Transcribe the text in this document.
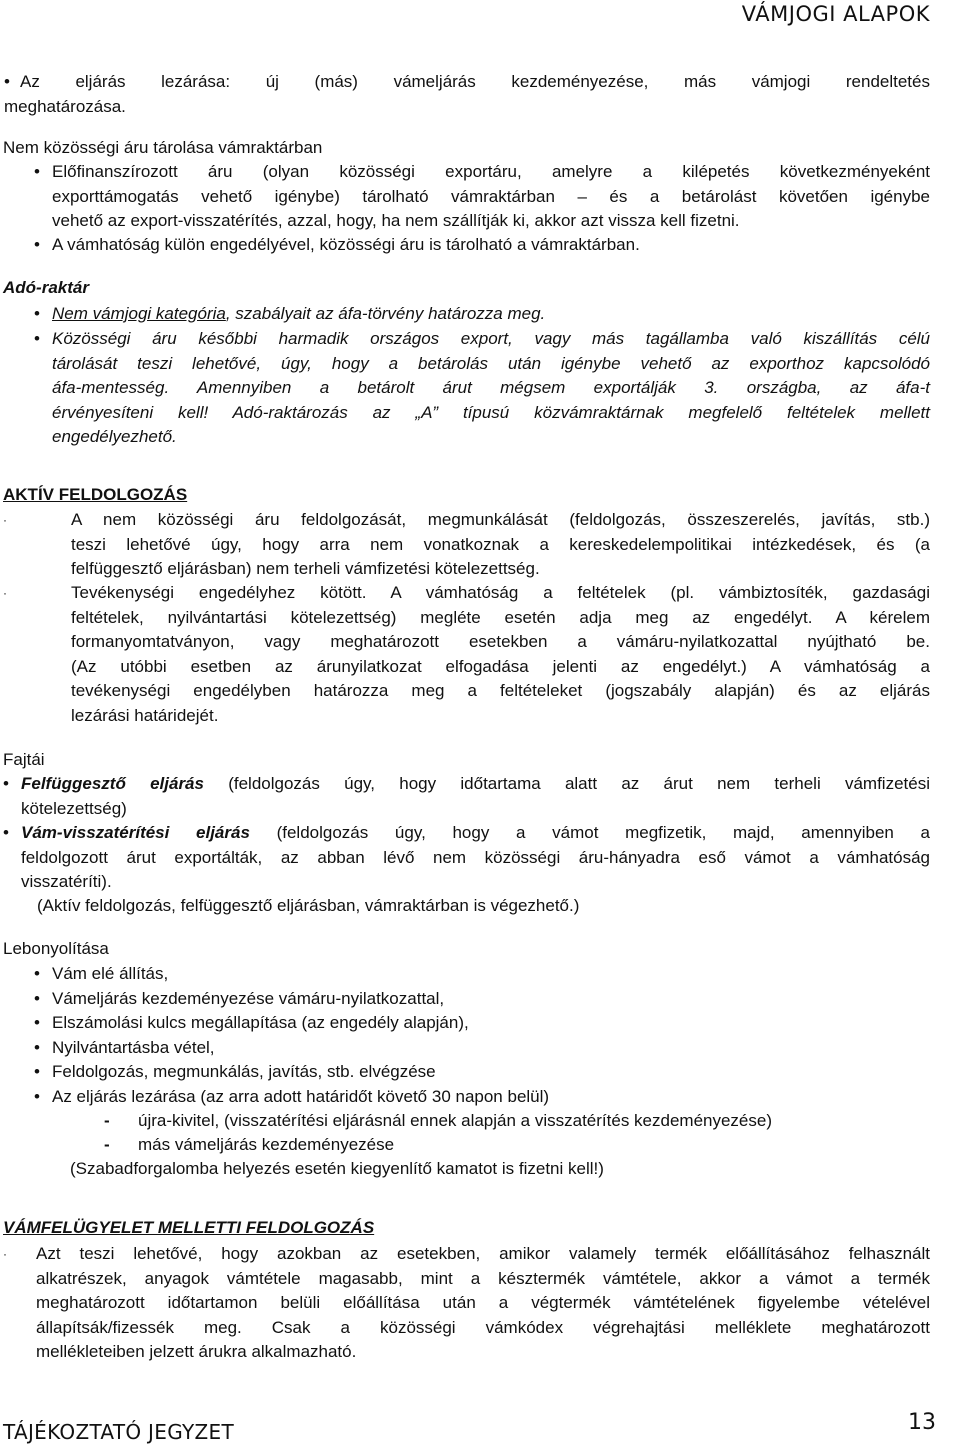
VÁMJOGI ALAPOK
• Az eljárás lezárása: új (más) vámeljárás kezdeményezése, más vámjogi rendeltetés
meghatározása.
Nem közösségi áru tárolása vámraktárban
• Előfinanszírozott áru (olyan közösségi exportáru, amelyre a kilépetés következményeként
exporttámogatás vehető igénybe) tárolható vámraktárban – és a betárolást követően igénybe
vehető az export-visszatérítés, azzal, hogy, ha nem szállítják ki, akkor azt vissza kell fizetni.
• A vámhatóság külön engedélyével, közösségi áru is tárolható a vámraktárban.
Adó-raktár
• Nem vámjogi kategória, szabályait az áfa-törvény határozza meg.
• Közösségi áru későbbi harmadik országos export, vagy más tagállamba való kiszállítás célú
tárolását teszi lehetővé, úgy, hogy a betárolás után igénybe vehető az exporthoz kapcsolódó
áfa-mentesség. Amennyiben a betárolt árut mégsem exportálják 3. országba, az áfa-t
érvényesíteni kell! Adó-raktározás az „A” típusú közvámraktárnak megfelelő feltételek mellett
engedélyezhető.
AKTÍV FELDOLGOZÁS
·	A nem közösségi áru feldolgozását, megmunkálását (feldolgozás, összeszerelés, javítás, stb.)
teszi lehetővé úgy, hogy arra nem vonatkoznak a kereskedelempolitikai intézkedések, és (a
felfüggesztő eljárásban) nem terheli vámfizetési kötelezettség.
·	Tevékenységi engedélyhez kötött. A vámhatóság a feltételek (pl. vámbiztosíték, gazdasági
feltételek, nyilvántartási kötelezettség) megléte esetén adja meg az engedélyt. A kérelem
formanyomtatványon, vagy meghatározott esetekben a vámáru-nyilatkozattal nyújtható be.
(Az utóbbi esetben az árunyilatkozat elfogadása jelenti az engedélyt.) A vámhatóság a
tevékenységi engedélyben határozza meg a feltételeket (jogszabály alapján) és az eljárás
lezárási határidejét.
Fajtái
• Felfüggesztő eljárás (feldolgozás úgy, hogy időtartama alatt az árut nem terheli vámfizetési
kötelezettség)
• Vám-visszatérítési eljárás (feldolgozás úgy, hogy a vámot megfizetik, majd, amennyiben a
feldolgozott árut exportálták, az abban lévő nem közösségi áru-hányadra eső vámot a vámhatóság
visszatéríti).
(Aktív feldolgozás, felfüggesztő eljárásban, vámraktárban is végezhető.)
Lebonyolítása
• Vám elé állítás,
• Vámeljárás kezdeményezése vámáru-nyilatkozattal,
• Elszámolási kulcs megállapítása (az engedély alapján),
• Nyilvántartásba vétel,
• Feldolgozás, megmunkálás, javítás, stb. elvégzése
• Az eljárás lezárása (az arra adott határidőt követő 30 napon belül)
- újra-kivitel, (visszatérítési eljárásnál ennek alapján a visszatérítés kezdeményezése)
- más vámeljárás kezdeményezése
(Szabadforgalomba helyezés esetén kiegyenlítő kamatot is fizetni kell!)
VÁMFELÜGYELET MELLETTI FELDOLGOZÁS
· Azt teszi lehetővé, hogy azokban az esetekben, amikor valamely termék előállításához felhasznált
alkatrészek, anyagok vámtétele magasabb, mint a késztermék vámtétele, akkor a vámot a termék
meghatározott időtartamon belüli előállítása után a végtermék vámtételének figyelembe vételével
állapítsák/fizessék meg. Csak a közösségi vámkódex végrehajtási melléklete meghatározott
mellékleteiben jelzett árukra alkalmazható.
TÁJÉKOZTATÓ JEGYZET	13
